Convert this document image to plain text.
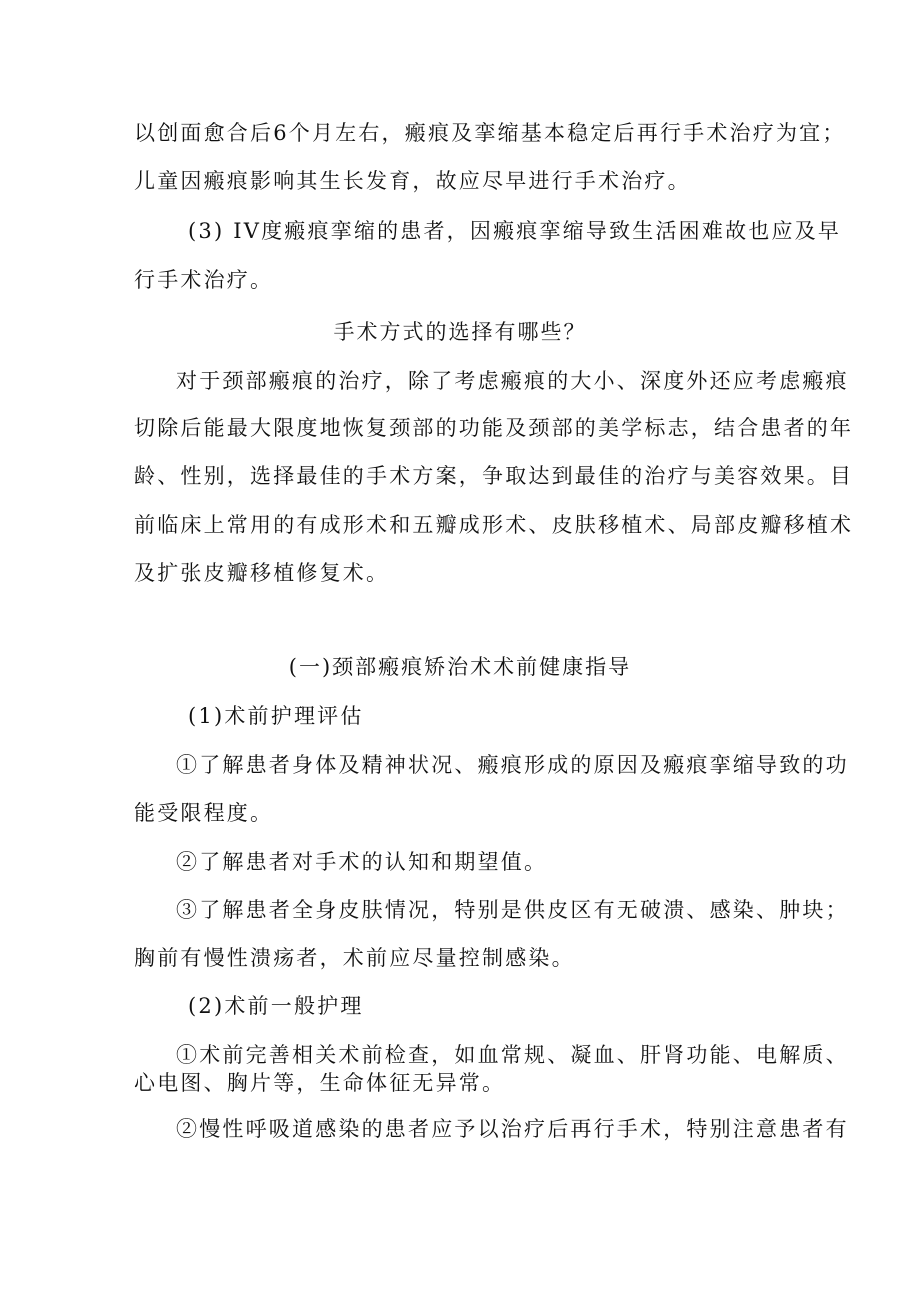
以创面愈合后6个月左右，瘢痕及挛缩基本稳定后再行手术治疗为宜；
儿童因瘢痕影响其生长发育，故应尽早进行手术治疗。
(3) IV度瘢痕挛缩的患者，因瘢痕挛缩导致生活困难故也应及早
行手术治疗。
手术方式的选择有哪些？
对于颈部瘢痕的治疗，除了考虑瘢痕的大小、深度外还应考虑瘢痕
切除后能最大限度地恢复颈部的功能及颈部的美学标志，结合患者的年
龄、性别，选择最佳的手术方案，争取达到最佳的治疗与美容效果。目
前临床上常用的有成形术和五瓣成形术、皮肤移植术、局部皮瓣移植术
及扩张皮瓣移植修复术。
(一)颈部瘢痕矫治术术前健康指导
(1)术前护理评估
①了解患者身体及精神状况、瘢痕形成的原因及瘢痕挛缩导致的功
能受限程度。
②了解患者对手术的认知和期望值。
③了解患者全身皮肤情况，特别是供皮区有无破溃、感染、肿块；
胸前有慢性溃疡者，术前应尽量控制感染。
(2)术前一般护理
①术前完善相关术前检查，如血常规、凝血、肝肾功能、电解质、
心电图、胸片等，生命体征无异常。
②慢性呼吸道感染的患者应予以治疗后再行手术，特别注意患者有
